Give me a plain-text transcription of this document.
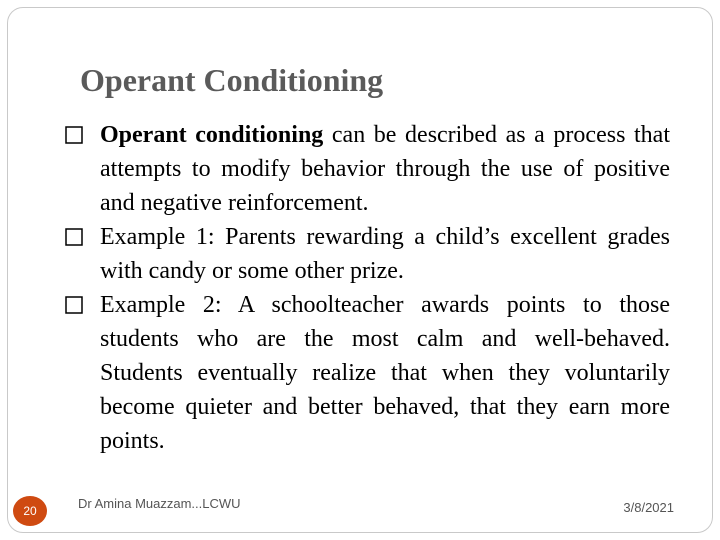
Operant Conditioning
Operant conditioning can be described as a process that attempts to modify behavior through the use of positive and negative reinforcement.
Example 1: Parents rewarding a child’s excellent grades with candy or some other prize.
Example 2: A schoolteacher awards points to those students who are the most calm and well-behaved. Students eventually realize that when they voluntarily become quieter and better behaved, that they earn more points.
20	Dr Amina Muazzam...LCWU	3/8/2021
